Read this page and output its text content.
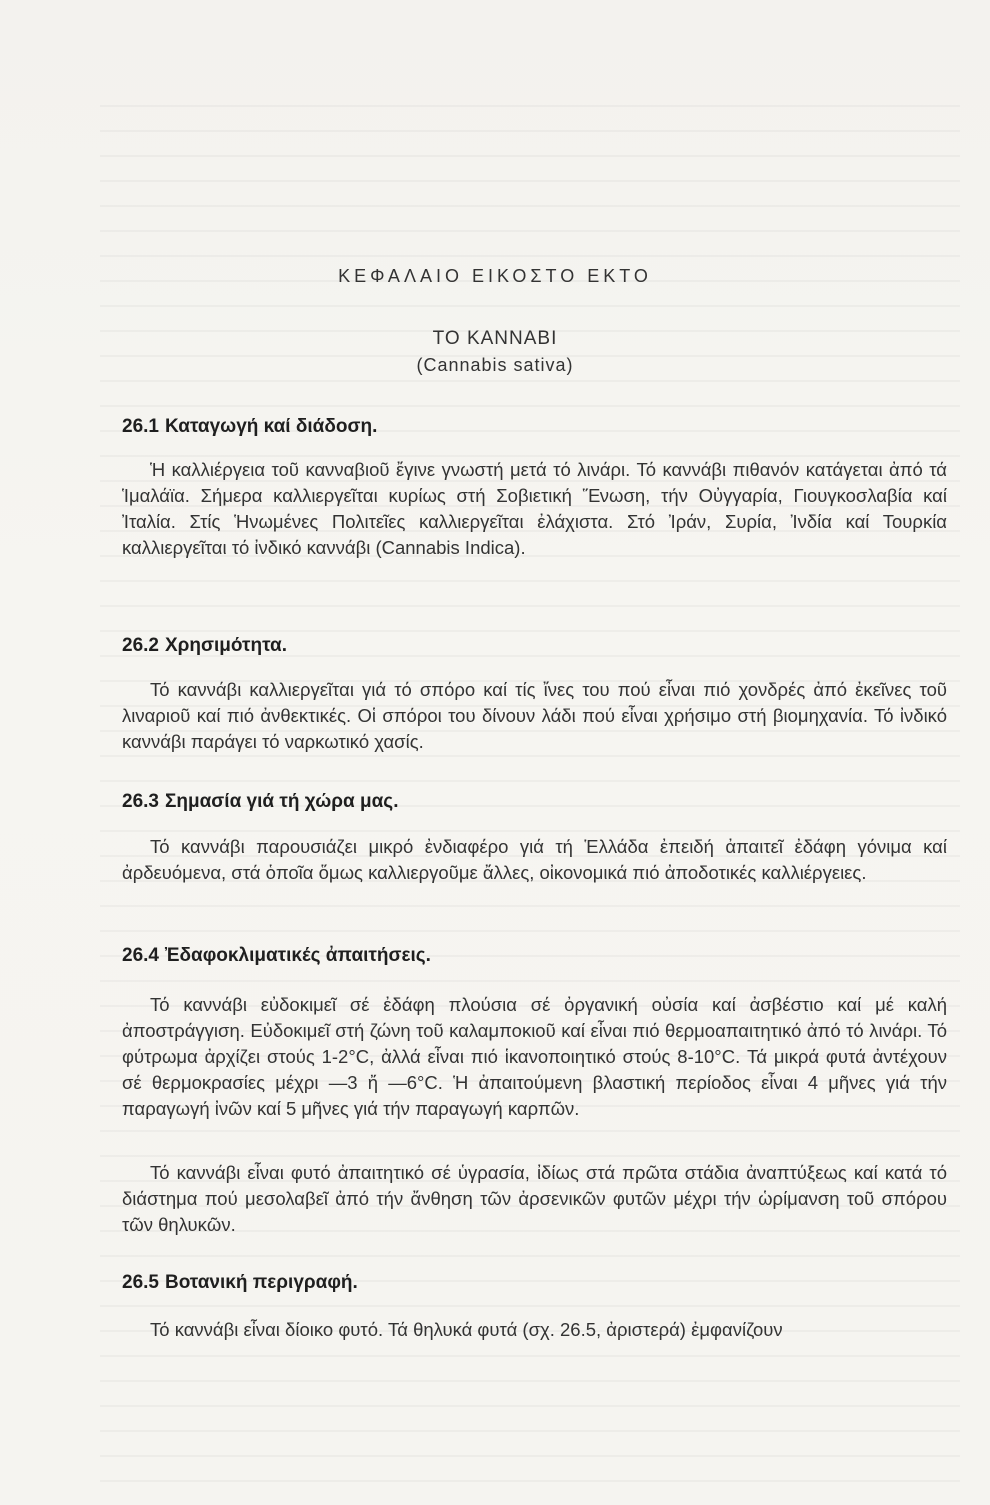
ΚΕΦΑΛΑΙΟ ΕΙΚΟΣΤΟ ΕΚΤΟ
ΤΟ ΚΑΝΝΑΒΙ
(Cannabis sativa)
26.1 Καταγωγή καί διάδοση.

Ἡ καλλιέργεια τοῦ κανναβιοῦ ἔγινε γνωστή μετά τό λινάρι. Τό καννάβι πιθανόν κατάγεται ἀπό τά Ἱμαλάϊα. Σήμερα καλλιεργεῖται κυρίως στή Σοβιετική Ἕνωση, τήν Οὐγγαρία, Γιουγκοσλαβία καί Ἰταλία. Στίς Ἡνωμένες Πολιτεῖες καλλιεργεῖται ἐλάχιστα. Στό Ἰράν, Συρία, Ἰνδία καί Τουρκία καλλιεργεῖται τό ἰνδικό καννάβι (Cannabis Indica).

26.2 Χρησιμότητα.

Τό καννάβι καλλιεργεῖται γιά τό σπόρο καί τίς ἴνες του πού εἶναι πιό χονδρές ἀπό ἐκεῖνες τοῦ λιναριοῦ καί πιό ἀνθεκτικές. Οἱ σπόροι του δίνουν λάδι πού εἶναι χρήσιμο στή βιομηχανία. Τό ἰνδικό καννάβι παράγει τό ναρκωτικό χασίς.

26.3 Σημασία γιά τή χώρα μας.

Τό καννάβι παρουσιάζει μικρό ἐνδιαφέρο γιά τή Ἑλλάδα ἐπειδή ἀπαιτεῖ ἐδάφη γόνιμα καί ἀρδευόμενα, στά ὁποῖα ὅμως καλλιεργοῦμε ἄλλες, οἰκονομικά πιό ἀποδοτικές καλλιέργειες.

26.4 Ἐδαφοκλιματικές ἀπαιτήσεις.

Τό καννάβι εὐδοκιμεῖ σέ ἐδάφη πλούσια σέ ὀργανική οὐσία καί ἀσβέστιο καί μέ καλή ἀποστράγγιση. Εὐδοκιμεῖ στή ζώνη τοῦ καλαμποκιοῦ καί εἶναι πιό θερμοαπαιτητικό ἀπό τό λινάρι. Τό φύτρωμα ἀρχίζει στούς 1-2°C, ἀλλά εἶναι πιό ἱκανοποιητικό στούς 8-10°C. Τά μικρά φυτά ἀντέχουν σέ θερμοκρασίες μέχρι —3 ἤ —6°C. Ἡ ἀπαιτούμενη βλαστική περίοδος εἶναι 4 μῆνες γιά τήν παραγωγή ἰνῶν καί 5 μῆνες γιά τήν παραγωγή καρπῶν.

Τό καννάβι εἶναι φυτό ἀπαιτητικό σέ ὑγρασία, ἰδίως στά πρῶτα στάδια ἀναπτύξεως καί κατά τό διάστημα πού μεσολαβεῖ ἀπό τήν ἄνθηση τῶν ἀρσενικῶν φυτῶν μέχρι τήν ὡρίμανση τοῦ σπόρου τῶν θηλυκῶν.

26.5 Βοτανική περιγραφή.

Τό καννάβι εἶναι δίοικο φυτό. Τά θηλυκά φυτά (σχ. 26.5, ἀριστερά) ἐμφανίζουν
